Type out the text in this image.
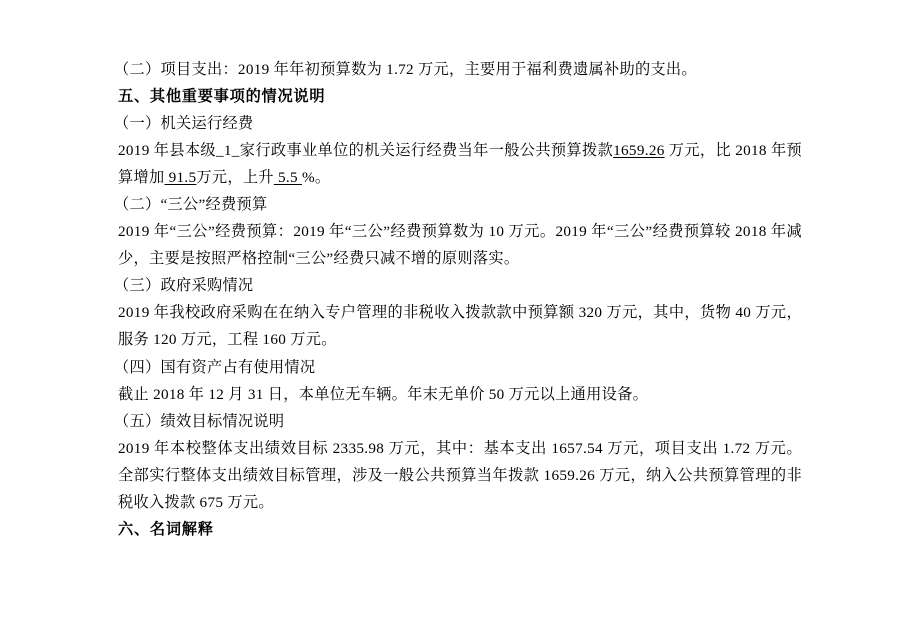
（二）项目支出：2019 年年初预算数为 1.72 万元，主要用于福利费遗属补助的支出。

五、其他重要事项的情况说明

（一）机关运行经费

2019 年县本级_1_家行政事业单位的机关运行经费当年一般公共预算拨款1659.26 万元，比 2018 年预算增加 91.5万元，上升 5.5 %。

（二）“三公”经费预算

2019 年“三公”经费预算：2019 年“三公”经费预算数为 10 万元。2019 年“三公”经费预算较 2018 年减少，主要是按照严格控制“三公”经费只减不增的原则落实。

（三）政府采购情况

2019 年我校政府采购在在纳入专户管理的非税收入拨款款中预算额 320 万元，其中，货物 40 万元，服务 120 万元，工程 160 万元。

（四）国有资产占有使用情况

截止 2018 年 12 月 31 日，本单位无车辆。年末无单价 50 万元以上通用设备。

（五）绩效目标情况说明

2019 年本校整体支出绩效目标 2335.98 万元，其中：基本支出 1657.54 万元，项目支出 1.72 万元。全部实行整体支出绩效目标管理，涉及一般公共预算当年拨款 1659.26 万元，纳入公共预算管理的非税收入拨款 675 万元。

六、名词解释
